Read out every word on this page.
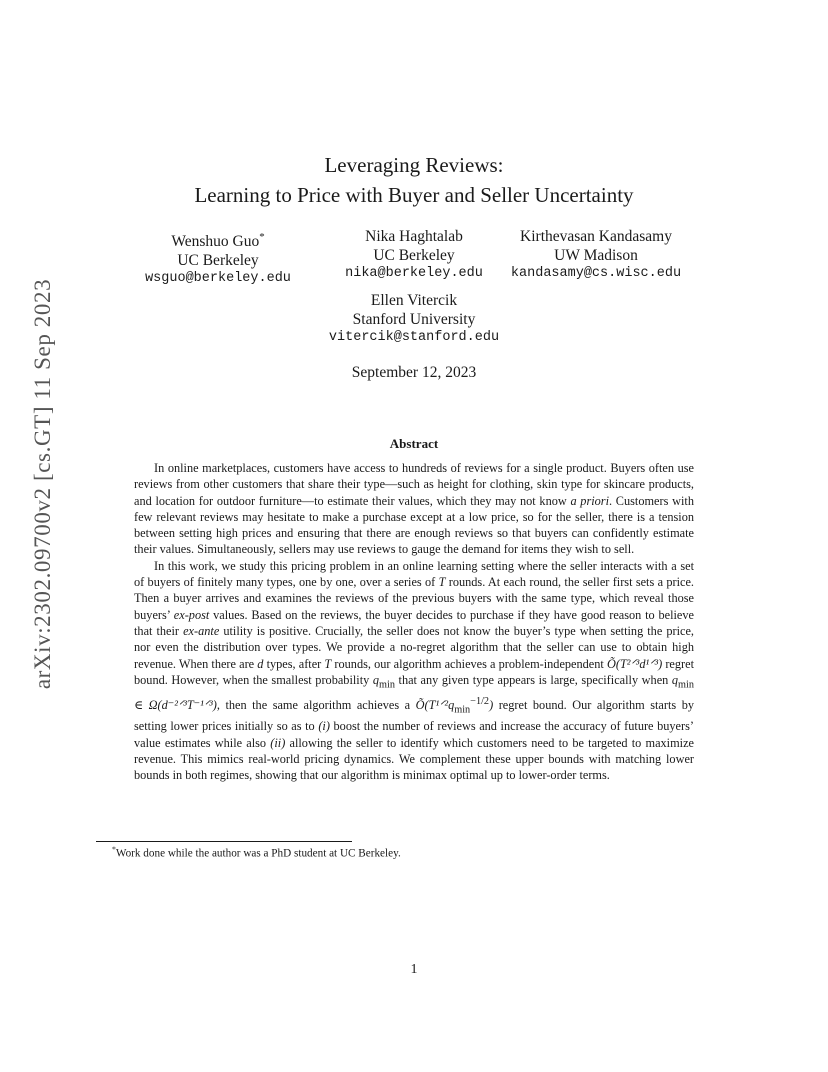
arXiv:2302.09700v2 [cs.GT] 11 Sep 2023
Leveraging Reviews:
Learning to Price with Buyer and Seller Uncertainty
Wenshuo Guo*
UC Berkeley
wsguo@berkeley.edu
Nika Haghtalab
UC Berkeley
nika@berkeley.edu
Kirthevasan Kandasamy
UW Madison
kandasamy@cs.wisc.edu
Ellen Vitercik
Stanford University
vitercik@stanford.edu
September 12, 2023
Abstract

In online marketplaces, customers have access to hundreds of reviews for a single product. Buyers often use reviews from other customers that share their type—such as height for clothing, skin type for skincare products, and location for outdoor furniture—to estimate their values, which they may not know a priori. Customers with few relevant reviews may hesitate to make a purchase except at a low price, so for the seller, there is a tension between setting high prices and ensuring that there are enough reviews so that buyers can confidently estimate their values. Simultaneously, sellers may use reviews to gauge the demand for items they wish to sell.

In this work, we study this pricing problem in an online learning setting where the seller interacts with a set of buyers of finitely many types, one by one, over a series of T rounds. At each round, the seller first sets a price. Then a buyer arrives and examines the reviews of the previous buyers with the same type, which reveal those buyers’ ex-post values. Based on the reviews, the buyer decides to purchase if they have good reason to believe that their ex-ante utility is positive. Crucially, the seller does not know the buyer’s type when setting the price, nor even the distribution over types. We provide a no-regret algorithm that the seller can use to obtain high revenue. When there are d types, after T rounds, our algorithm achieves a problem-independent Õ(T²ᐟ³d¹ᐟ³) regret bound. However, when the smallest probability $q_{min}$ that any given type appears is large, specifically when $q_{min}$ ∈ Ω(d⁻²ᐟ³T⁻¹ᐟ³), then the same algorithm achieves a $Õ(T^1ᐟ^2q_{min}^{-1/2})$ regret bound. Our algorithm starts by setting lower prices initially so as to (i) boost the number of reviews and increase the accuracy of future buyers’ value estimates while also (ii) allowing the seller to identify which customers need to be targeted to maximize revenue. This mimics real-world pricing dynamics. We complement these upper bounds with matching lower bounds in both regimes, showing that our algorithm is minimax optimal up to lower-order terms.

*Work done while the author was a PhD student at UC Berkeley.
1
